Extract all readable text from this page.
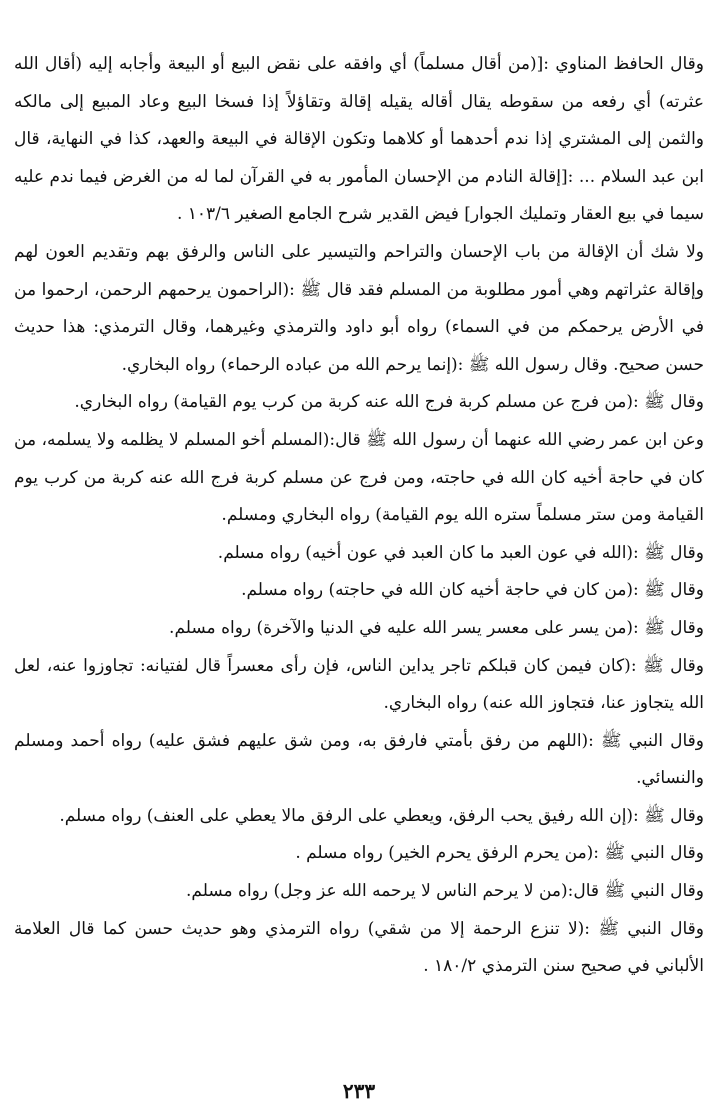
وقال الحافظ المناوي :[(من أقال مسلماً) أي وافقه على نقض البيع أو البيعة وأجابه إليه (أقال الله عثرته) أي رفعه من سقوطه يقال أقاله يقيله إقالة وتقاؤلاً إذا فسخا البيع وعاد المبيع إلى مالكه والثمن إلى المشتري إذا ندم أحدهما أو كلاهما وتكون الإقالة في البيعة والعهد، كذا في النهاية، قال ابن عبد السلام ... :[إقالة النادم من الإحسان المأمور به في القرآن لما له من الغرض فيما ندم عليه سيما في بيع العقار وتمليك الجوار] فيض القدير شرح الجامع الصغير ١٠٣/٦ .

ولا شك أن الإقالة من باب الإحسان والتراحم والتيسير على الناس والرفق بهم وتقديم العون لهم وإقالة عثراتهم وهي أمور مطلوبة من المسلم فقد قال ﷺ :(الراحمون يرحمهم الرحمن، ارحموا من في الأرض يرحمكم من في السماء) رواه أبو داود والترمذي وغيرهما، وقال الترمذي: هذا حديث حسن صحيح. وقال رسول الله ﷺ :(إنما يرحم الله من عباده الرحماء) رواه البخاري.

وقال ﷺ :(من فرج عن مسلم كربة فرج الله عنه كربة من كرب يوم القيامة) رواه البخاري.

وعن ابن عمر رضي الله عنهما أن رسول الله ﷺ قال:(المسلم أخو المسلم لا يظلمه ولا يسلمه، من كان في حاجة أخيه كان الله في حاجته، ومن فرج عن مسلم كربة فرج الله عنه كربة من كرب يوم القيامة ومن ستر مسلماً ستره الله يوم القيامة) رواه البخاري ومسلم.

وقال ﷺ :(الله في عون العبد ما كان العبد في عون أخيه) رواه مسلم.

وقال ﷺ :(من كان في حاجة أخيه كان الله في حاجته) رواه مسلم.

وقال ﷺ :(من يسر على معسر يسر الله عليه في الدنيا والآخرة) رواه مسلم.

وقال ﷺ :(كان فيمن كان قبلكم تاجر يداين الناس، فإن رأى معسراً قال لفتيانه: تجاوزوا عنه، لعل الله يتجاوز عنا، فتجاوز الله عنه) رواه البخاري.

وقال النبي ﷺ :(اللهم من رفق بأمتي فارفق به، ومن شق عليهم فشق عليه) رواه أحمد ومسلم والنسائي.

وقال ﷺ :(إن الله رفيق يحب الرفق، ويعطي على الرفق مالا يعطي على العنف) رواه مسلم.

وقال النبي ﷺ :(من يحرم الرفق يحرم الخير) رواه مسلم .

وقال النبي ﷺ قال:(من لا يرحم الناس لا يرحمه الله عز وجل) رواه مسلم.

وقال النبي ﷺ :(لا تنزع الرحمة إلا من شقي) رواه الترمذي وهو حديث حسن كما قال العلامة الألباني في صحيح سنن الترمذي ١٨٠/٢ .

٢٣٣
